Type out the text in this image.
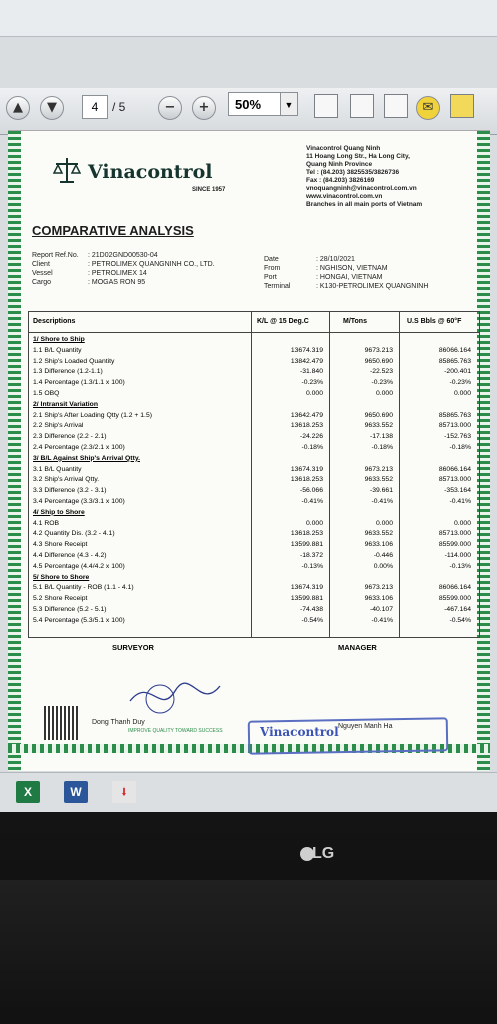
▲	▼	4	/ 5	−	+	50%	▼	✉
Vinacontrol
SINCE 1957
Vinacontrol Quang Ninh
11 Hoang Long Str., Ha Long City,
Quang Ninh Province
Tel : (84.203) 3825535/3826736
Fax : (84.203) 3826169
vnoquangninh@vinacontrol.com.vn
www.vinacontrol.com.vn
Branches in all main ports of Vietnam
COMPARATIVE ANALYSIS
Report Ref.No. : 21D02GND00530-04
Client	: PETROLIMEX QUANGNINH CO., LTD.
Vessel	: PETROLIMEX 14
Cargo	: MOGAS RON 95
Date	: 28/10/2021
From	: NGHISON, VIETNAM
Port	: HONGAI, VIETNAM
Terminal	: K130-PETROLIMEX QUANGNINH
Descriptions	K/L @ 15 Deg.C	M/Tons	U.S Bbls @ 60°F
1/ Shore to Ship
1.1 B/L Quantity	13674.319	9673.213	86066.164
1.2 Ship's Loaded Quantity	13842.479	9650.690	85865.763
1.3 Difference (1.2-1.1)	-31.840	-22.523	-200.401
1.4 Percentage (1.3/1.1 x 100)	-0.23%	-0.23%	-0.23%
1.5 OBQ	0.000	0.000	0.000
2/ Intransit Variation
2.1 Ship's After Loading Qtty (1.2 + 1.5)	13642.479	9650.690	85865.763
2.2 Ship's Arrival	13618.253	9633.552	85713.000
2.3 Difference (2.2 - 2.1)	-24.226	-17.138	-152.763
2.4 Percentage (2.3/2.1 x 100)	-0.18%	-0.18%	-0.18%
3/ B/L Against Ship's Arrival Qtty.
3.1 B/L Quantity	13674.319	9673.213	86066.164
3.2 Ship's Arrival Qtty.	13618.253	9633.552	85713.000
3.3 Difference (3.2 - 3.1)	-56.066	-39.661	-353.164
3.4 Percentage (3.3/3.1 x 100)	-0.41%	-0.41%	-0.41%
4/ Ship to Shore
4.1 ROB	0.000	0.000	0.000
4.2 Quantity Dis. (3.2 - 4.1)	13618.253	9633.552	85713.000
4.3 Shore Receipt	13599.881	9633.106	85599.000
4.4 Difference (4.3 - 4.2)	-18.372	-0.446	-114.000
4.5 Percentage (4.4/4.2 x 100)	-0.13%	0.00%	-0.13%
5/ Shore to Shore
5.1 B/L Quantity - ROB (1.1 - 4.1)	13674.319	9673.213	86066.164
5.2 Shore Receipt	13599.881	9633.106	85599.000
5.3 Difference (5.2 - 5.1)	-74.438	-40.107	-467.164
5.4 Percentage (5.3/5.1 x 100)	-0.54%	-0.41%	-0.54%
SURVEYOR	MANAGER
Vinacontrol
Dong Thanh Duy
Nguyen Manh Ha
IMPROVE QUALITY TOWARD SUCCESS
X	W	⭭
LG
